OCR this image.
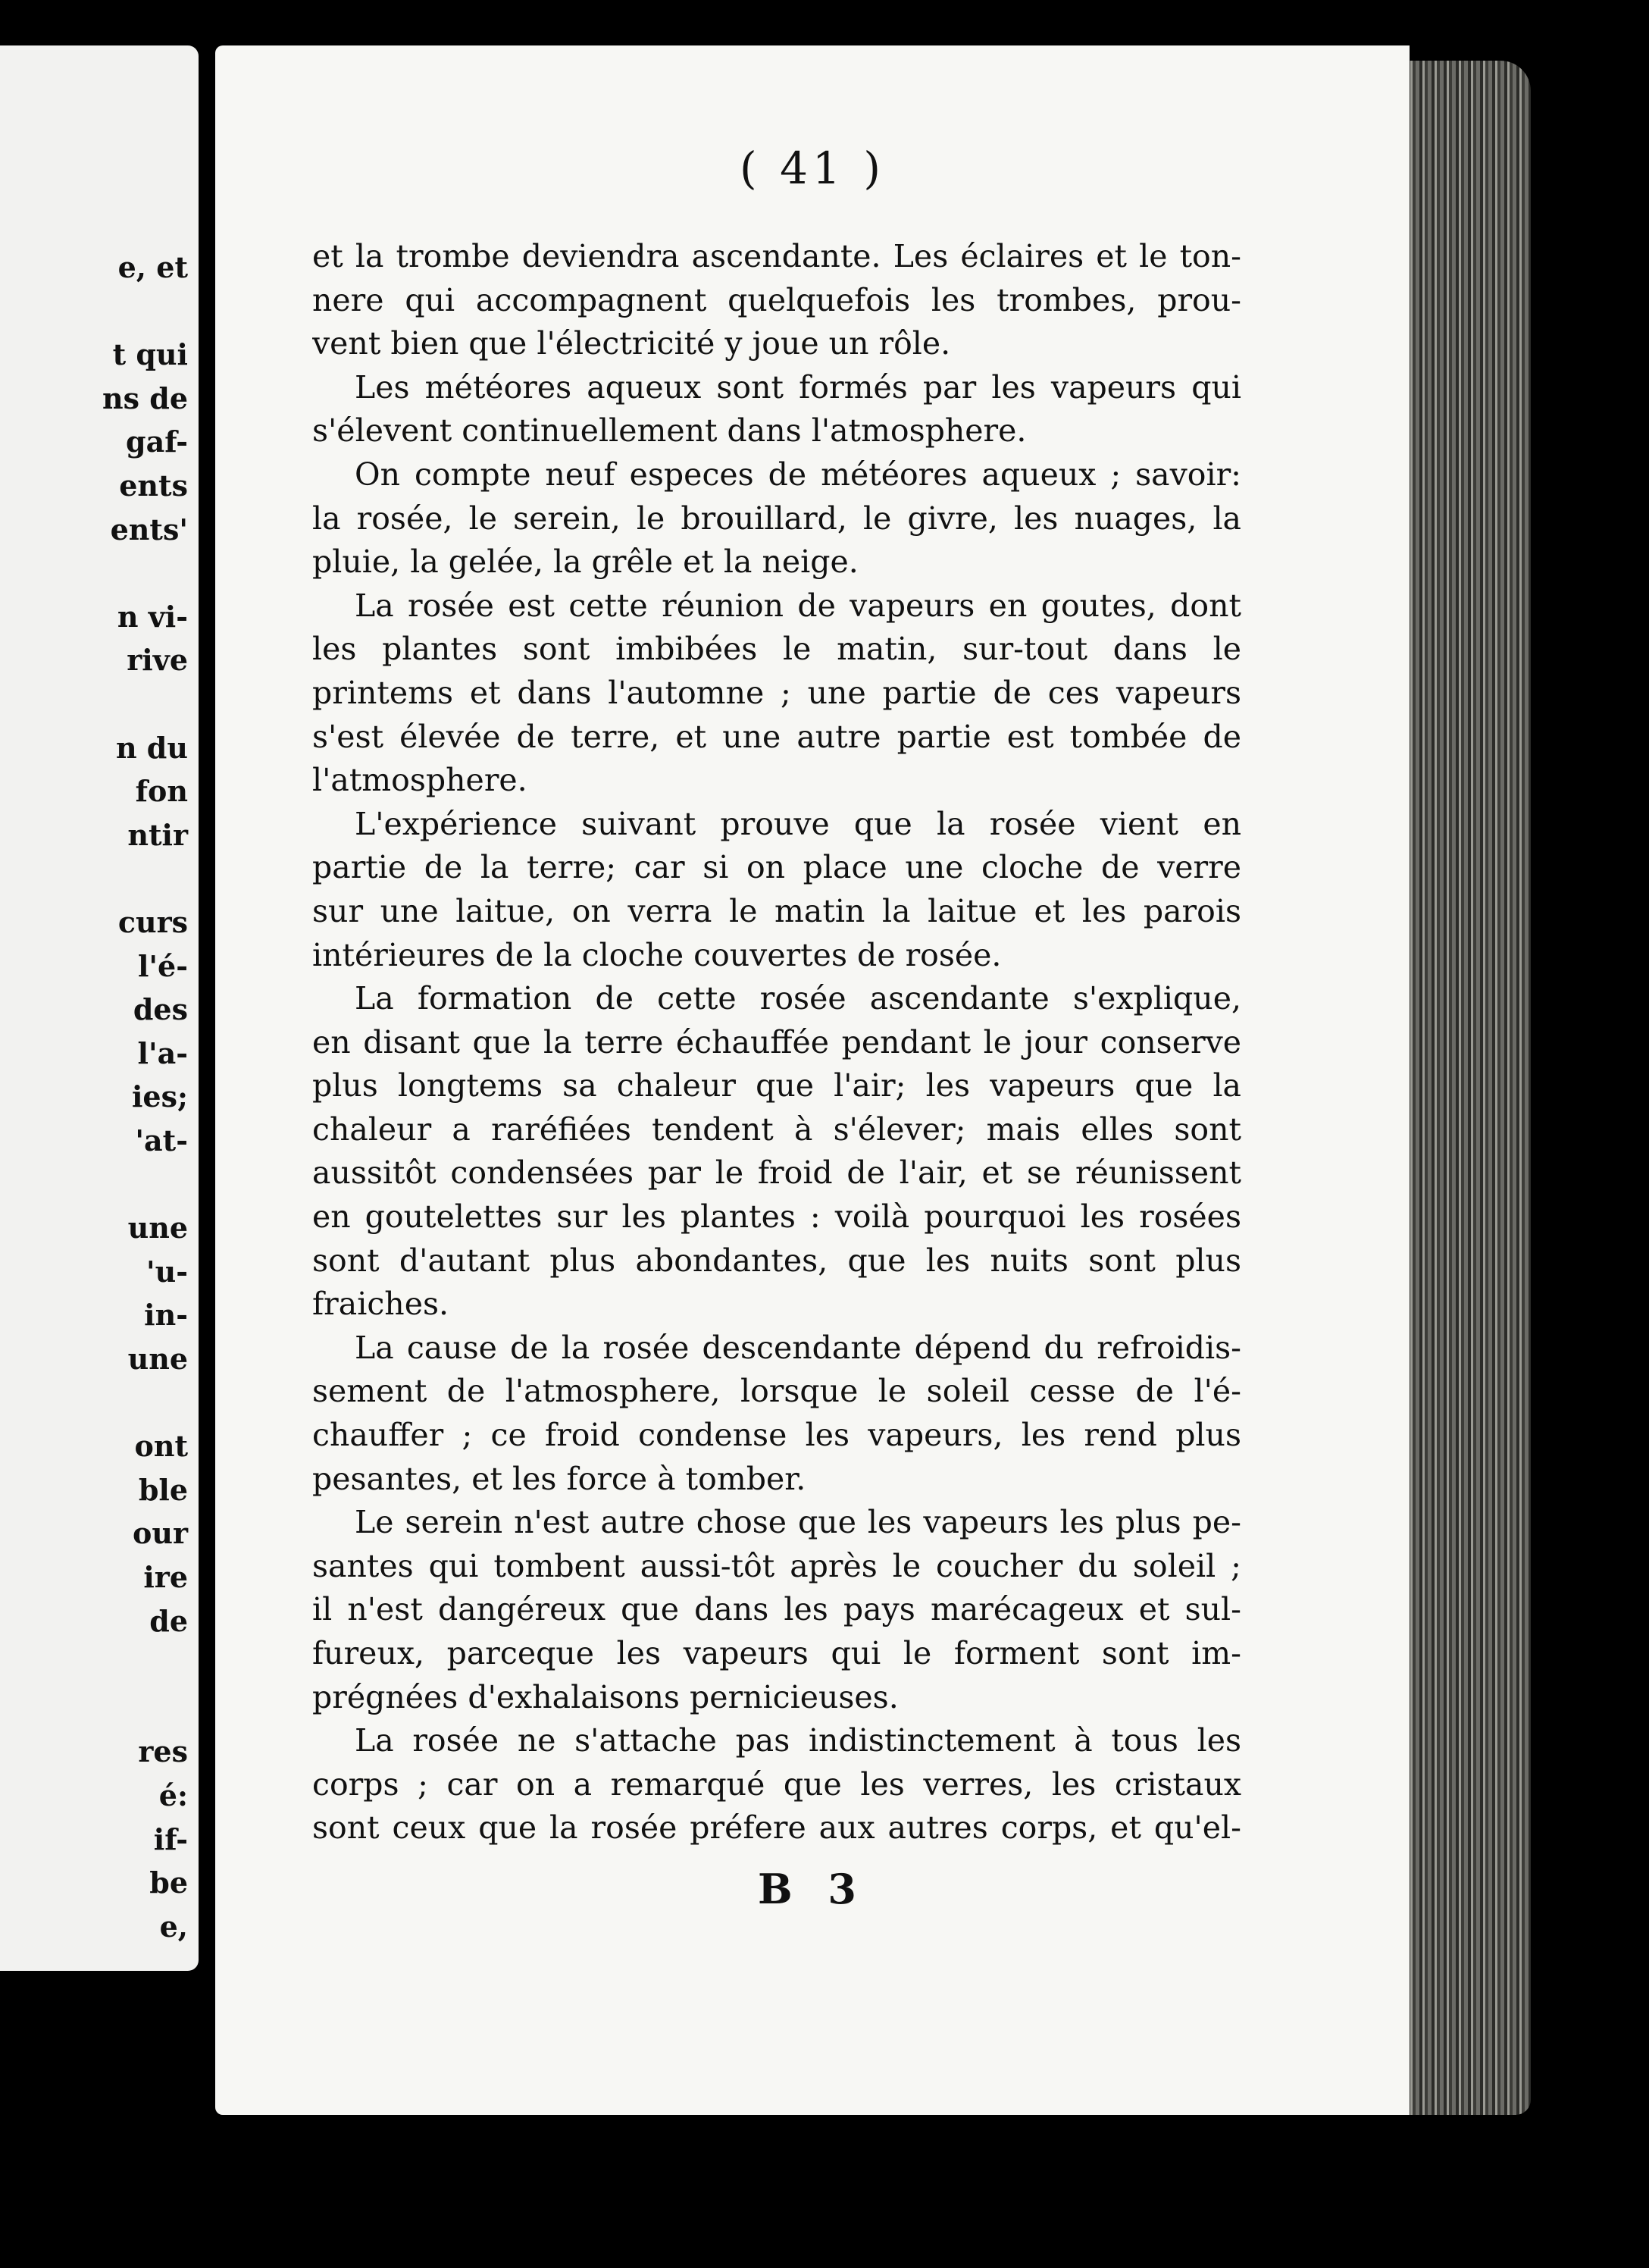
e, et
t qui
ns de
gaf-
ents
ents'
n vi-
rive
n du
fon
ntir
curs
l'é-
des
l'a-
ies;
'at-
une
'u-
in-
une
ont
ble
our
ire
de
res
é:
if-
be
e,
( 41 )
et la trombe deviendra ascendante. Les éclaires et le ton-
nere qui accompagnent quelquefois les trombes, prou-
vent bien que l'électricité y joue un rôle.
Les météores aqueux sont formés par les vapeurs qui
s'élevent continuellement dans l'atmosphere.
On compte neuf especes de météores aqueux ; savoir:
la rosée, le serein, le brouillard, le givre, les nuages, la
pluie, la gelée, la grêle et la neige.
La rosée est cette réunion de vapeurs en goutes, dont
les plantes sont imbibées le matin, sur-tout dans le
printems et dans l'automne ; une partie de ces vapeurs
s'est élevée de terre, et une autre partie est tombée de
l'atmosphere.
L'expérience suivant prouve que la rosée vient en
partie de la terre; car si on place une cloche de verre
sur une laitue, on verra le matin la laitue et les parois
intérieures de la cloche couvertes de rosée.
La formation de cette rosée ascendante s'explique,
en disant que la terre échauffée pendant le jour conserve
plus longtems sa chaleur que l'air; les vapeurs que la
chaleur a raréfiées tendent à s'élever; mais elles sont
aussitôt condensées par le froid de l'air, et se réunissent
en goutelettes sur les plantes : voilà pourquoi les rosées
sont d'autant plus abondantes, que les nuits sont plus
fraiches.
La cause de la rosée descendante dépend du refroidis-
sement de l'atmosphere, lorsque le soleil cesse de l'é-
chauffer ; ce froid condense les vapeurs, les rend plus
pesantes, et les force à tomber.
Le serein n'est autre chose que les vapeurs les plus pe-
santes qui tombent aussi-tôt après le coucher du soleil ;
il n'est dangéreux que dans les pays marécageux et sul-
fureux, parceque les vapeurs qui le forment sont im-
prégnées d'exhalaisons pernicieuses.
La rosée ne s'attache pas indistinctement à tous les
corps ; car on a remarqué que les verres, les cristaux
sont ceux que la rosée préfere aux autres corps, et qu'el-
B 3
